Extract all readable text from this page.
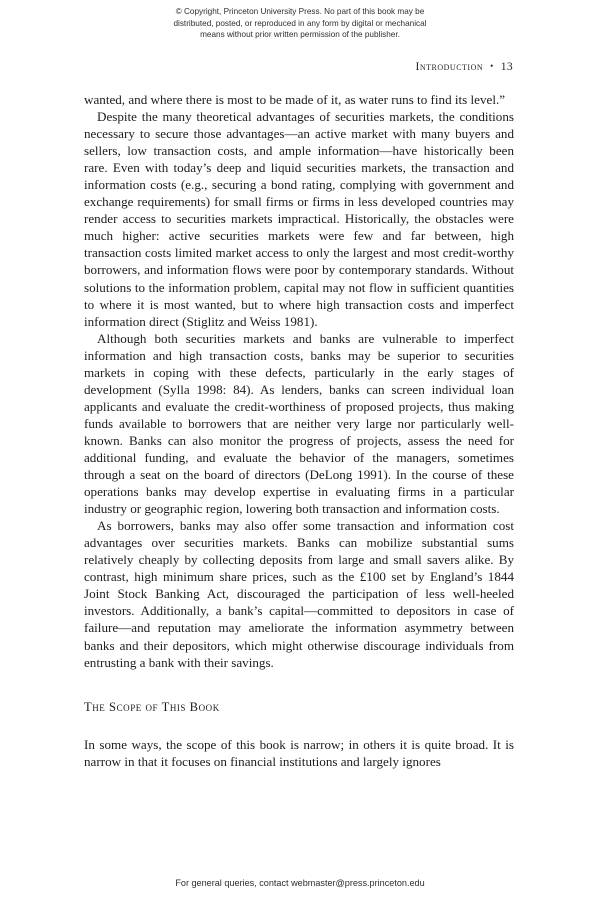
© Copyright, Princeton University Press. No part of this book may be
distributed, posted, or reproduced in any form by digital or mechanical
means without prior written permission of the publisher.
Introduction • 13

wanted, and where there is most to be made of it, as water runs to find its level.”

Despite the many theoretical advantages of securities markets, the conditions necessary to secure those advantages—an active market with many buyers and sellers, low transaction costs, and ample information—have historically been rare. Even with today’s deep and liquid securities markets, the transaction and information costs (e.g., securing a bond rating, complying with government and exchange requirements) for small firms or firms in less developed countries may render access to securities markets impractical. Historically, the obstacles were much higher: active securities markets were few and far between, high transaction costs limited market access to only the largest and most credit-worthy borrowers, and information flows were poor by contemporary standards. Without solutions to the information problem, capital may not flow in sufficient quantities to where it is most wanted, but to where high transaction costs and imperfect information direct (Stiglitz and Weiss 1981).

Although both securities markets and banks are vulnerable to imperfect information and high transaction costs, banks may be superior to securities markets in coping with these defects, particularly in the early stages of development (Sylla 1998: 84). As lenders, banks can screen individual loan applicants and evaluate the credit-worthiness of proposed projects, thus making funds available to borrowers that are neither very large nor particularly well-known. Banks can also monitor the progress of projects, assess the need for additional funding, and evaluate the behavior of the managers, sometimes through a seat on the board of directors (DeLong 1991). In the course of these operations banks may develop expertise in evaluating firms in a particular industry or geographic region, lowering both transaction and information costs.

As borrowers, banks may also offer some transaction and information cost advantages over securities markets. Banks can mobilize substantial sums relatively cheaply by collecting deposits from large and small savers alike. By contrast, high minimum share prices, such as the £100 set by England’s 1844 Joint Stock Banking Act, discouraged the participation of less well-heeled investors. Additionally, a bank’s capital—committed to depositors in case of failure—and reputation may ameliorate the information asymmetry between banks and their depositors, which might otherwise discourage individuals from entrusting a bank with their savings.

The Scope of This Book

In some ways, the scope of this book is narrow; in others it is quite broad. It is narrow in that it focuses on financial institutions and largely ignores

For general queries, contact webmaster@press.princeton.edu
